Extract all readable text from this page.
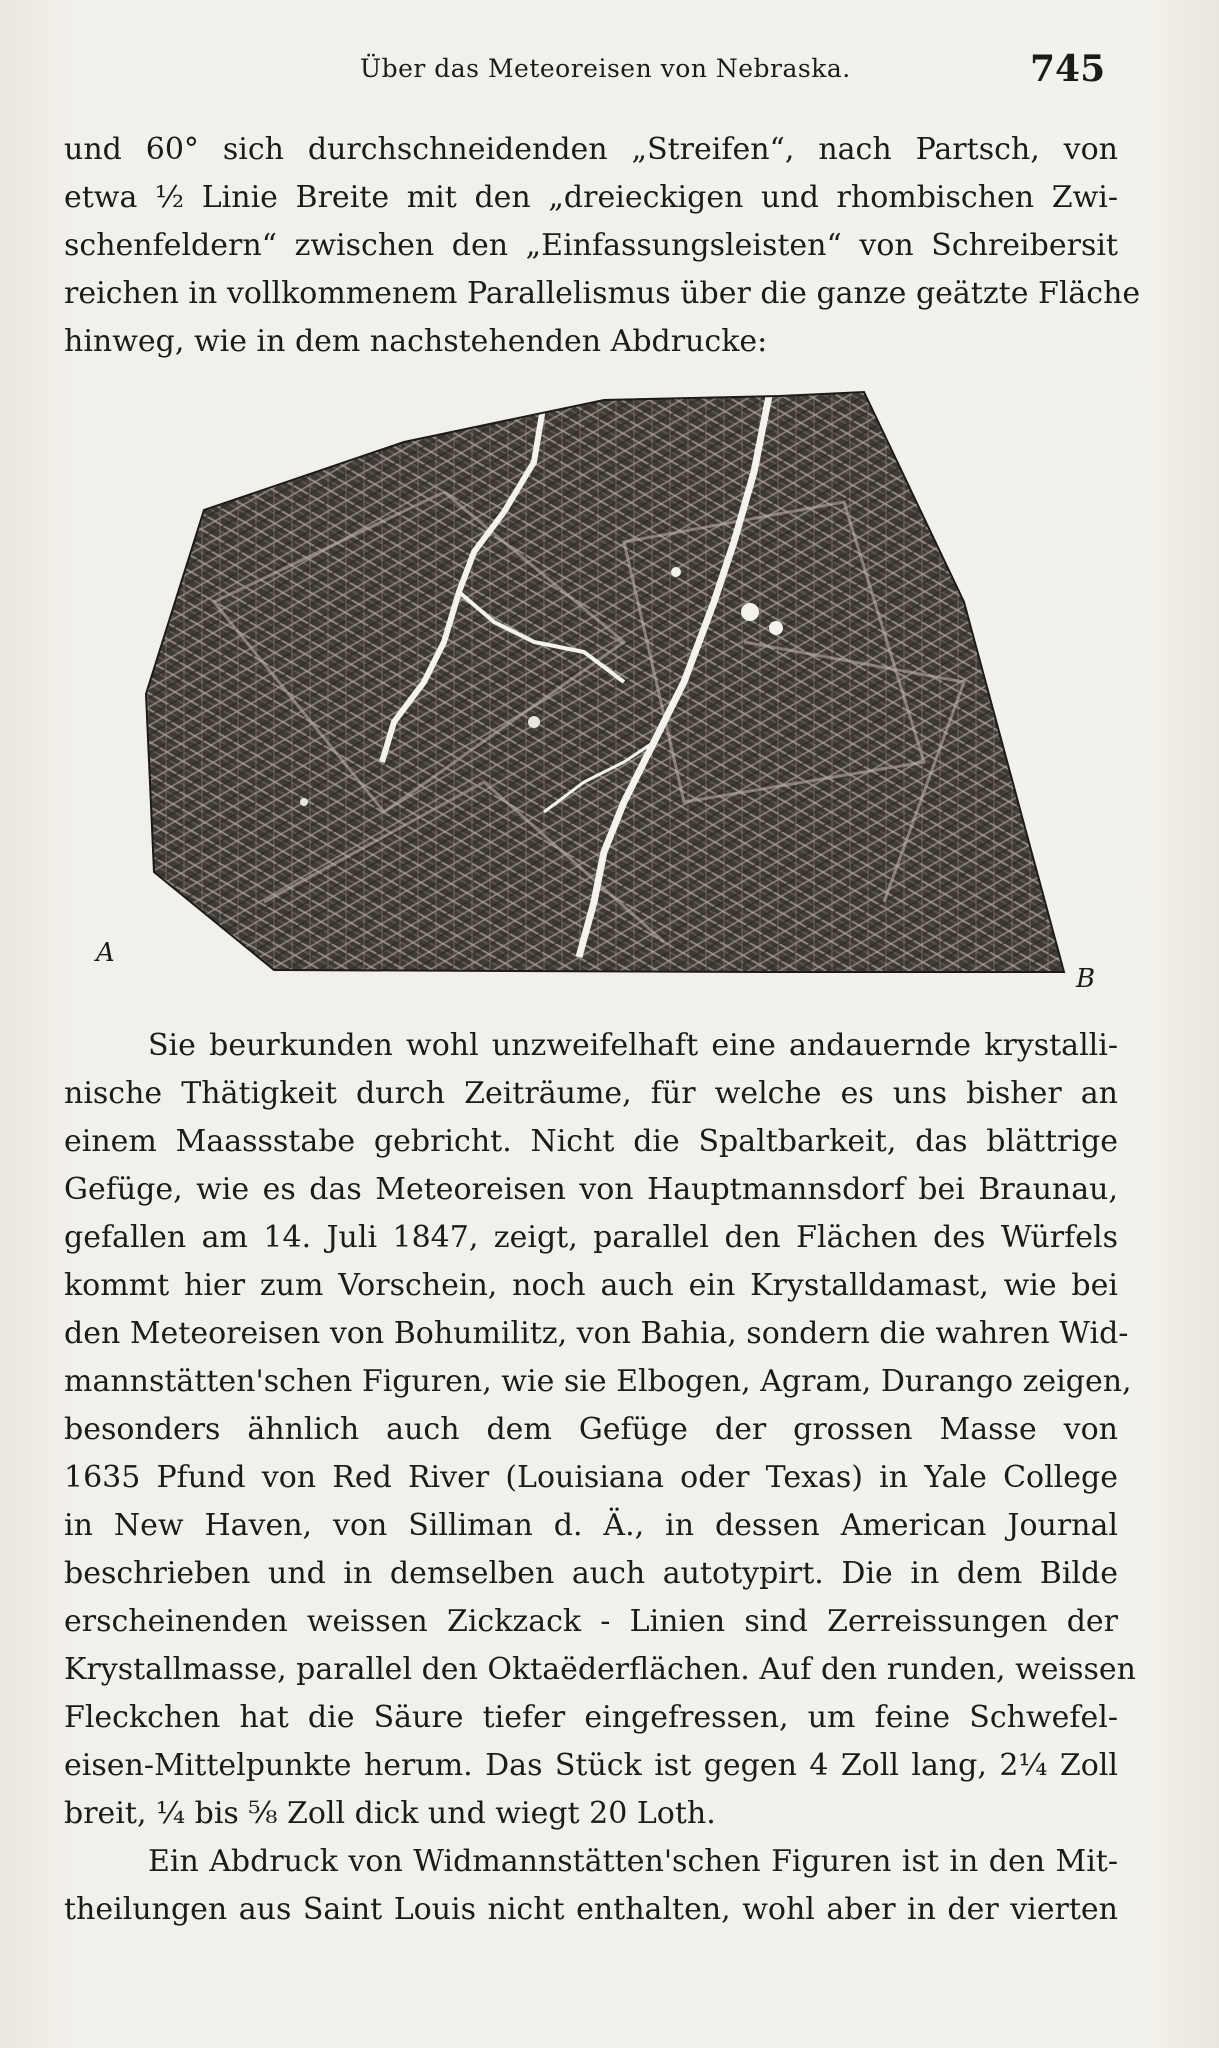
Über das Meteoreisen von Nebraska.	745
und 60° sich durchschneidenden „Streifen“, nach Partsch, von
etwa ½ Linie Breite mit den „dreieckigen und rhombischen Zwi-
schenfeldern“ zwischen den „Einfassungsleisten“ von Schreibersit
reichen in vollkommenem Parallelismus über die ganze geätzte Fläche
hinweg, wie in dem nachstehenden Abdrucke:
A
B
Sie beurkunden wohl unzweifelhaft eine andauernde krystalli-
nische Thätigkeit durch Zeiträume, für welche es uns bisher an
einem Maassstabe gebricht. Nicht die Spaltbarkeit, das blättrige
Gefüge, wie es das Meteoreisen von Hauptmannsdorf bei Braunau,
gefallen am 14. Juli 1847, zeigt, parallel den Flächen des Würfels
kommt hier zum Vorschein, noch auch ein Krystalldamast, wie bei
den Meteoreisen von Bohumilitz, von Bahia, sondern die wahren Wid-
mannstätten'schen Figuren, wie sie Elbogen, Agram, Durango zeigen,
besonders ähnlich auch dem Gefüge der grossen Masse von
1635 Pfund von Red River (Louisiana oder Texas) in Yale College
in New Haven, von Silliman d. Ä., in dessen American Journal
beschrieben und in demselben auch autotypirt. Die in dem Bilde
erscheinenden weissen Zickzack - Linien sind Zerreissungen der
Krystallmasse, parallel den Oktaëderflächen. Auf den runden, weissen
Fleckchen hat die Säure tiefer eingefressen, um feine Schwefel-
eisen-Mittelpunkte herum. Das Stück ist gegen 4 Zoll lang, 2¼ Zoll
breit, ¼ bis ⅝ Zoll dick und wiegt 20 Loth.
Ein Abdruck von Widmannstätten'schen Figuren ist in den Mit-
theilungen aus Saint Louis nicht enthalten, wohl aber in der vierten
